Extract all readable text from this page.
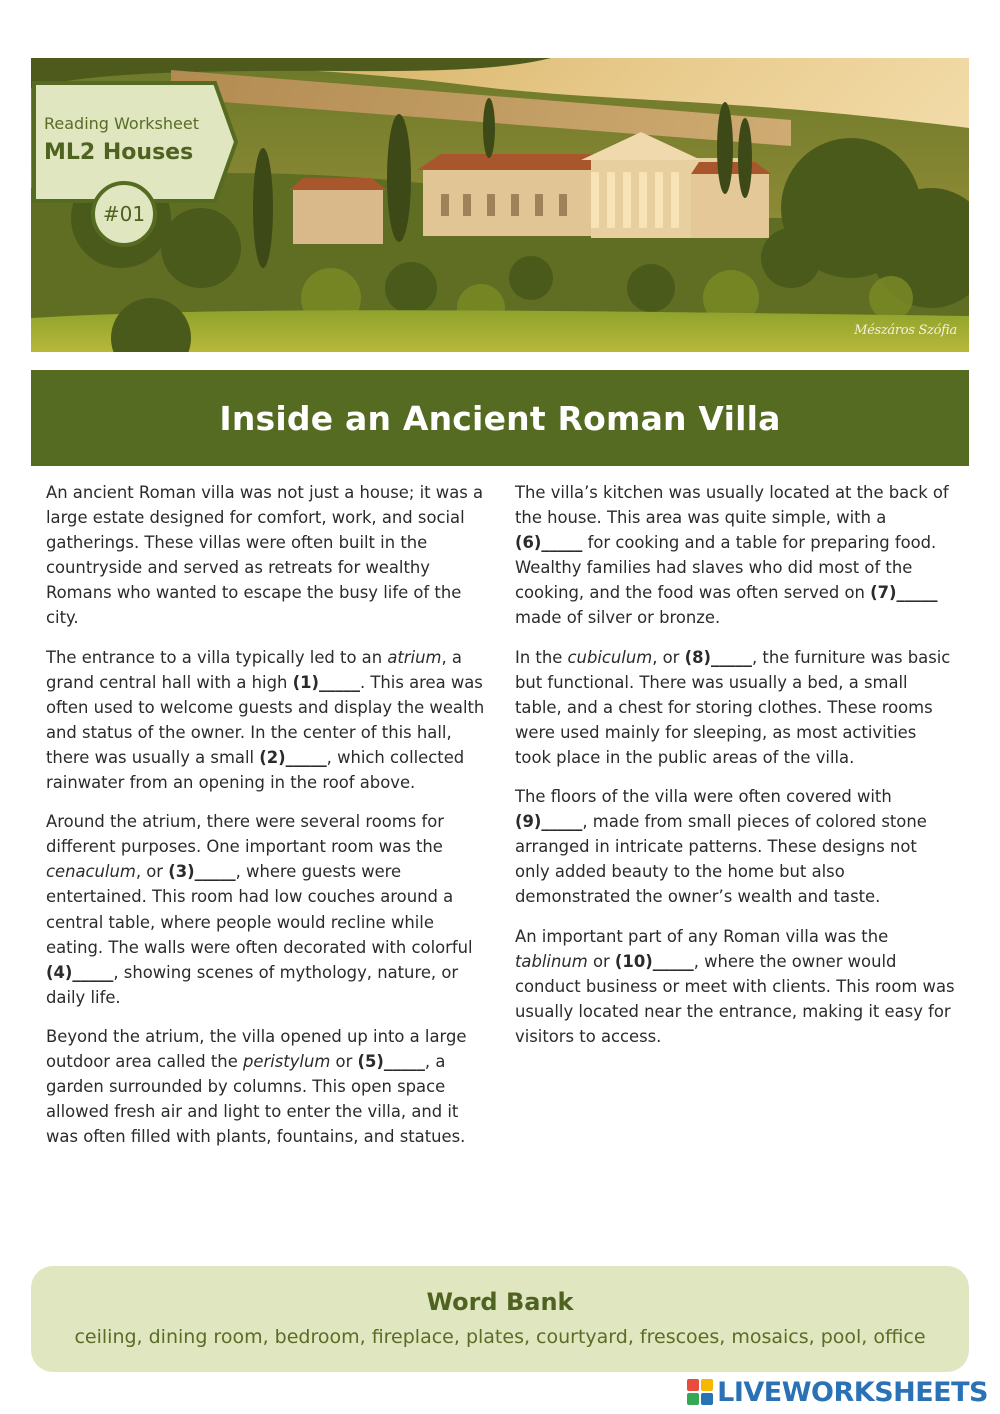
Mészáros Szófia
Reading Worksheet
ML2 Houses
#01
Inside an Ancient Roman Villa

An ancient Roman villa was not just a house; it was a large estate designed for comfort, work, and social gatherings. These villas were often built in the countryside and served as retreats for wealthy Romans who wanted to escape the busy life of the city.

The entrance to a villa typically led to an atrium, a grand central hall with a high (1)_____. This area was often used to welcome guests and display the wealth and status of the owner. In the center of this hall, there was usually a small (2)_____, which collected rainwater from an opening in the roof above.

Around the atrium, there were several rooms for different purposes. One important room was the cenaculum, or (3)_____, where guests were entertained. This room had low couches around a central table, where people would recline while eating. The walls were often decorated with colorful (4)_____, showing scenes of mythology, nature, or daily life.

Beyond the atrium, the villa opened up into a large outdoor area called the peristylum or (5)_____, a garden surrounded by columns. This open space allowed fresh air and light to enter the villa, and it was often filled with plants, fountains, and statues.

The villa’s kitchen was usually located at the back of the house. This area was quite simple, with a (6)_____ for cooking and a table for preparing food. Wealthy families had slaves who did most of the cooking, and the food was often served on (7)_____ made of silver or bronze.

In the cubiculum, or (8)_____, the furniture was basic but functional. There was usually a bed, a small table, and a chest for storing clothes. These rooms were used mainly for sleeping, as most activities took place in the public areas of the villa.

The floors of the villa were often covered with (9)_____, made from small pieces of colored stone arranged in intricate patterns. These designs not only added beauty to the home but also demonstrated the owner’s wealth and taste.

An important part of any Roman villa was the tablinum or (10)_____, where the owner would conduct business or meet with clients. This room was usually located near the entrance, making it easy for visitors to access.

Word Bank
ceiling, dining room, bedroom, fireplace, plates, courtyard, frescoes, mosaics, pool, office
LIVEWORKSHEETS
